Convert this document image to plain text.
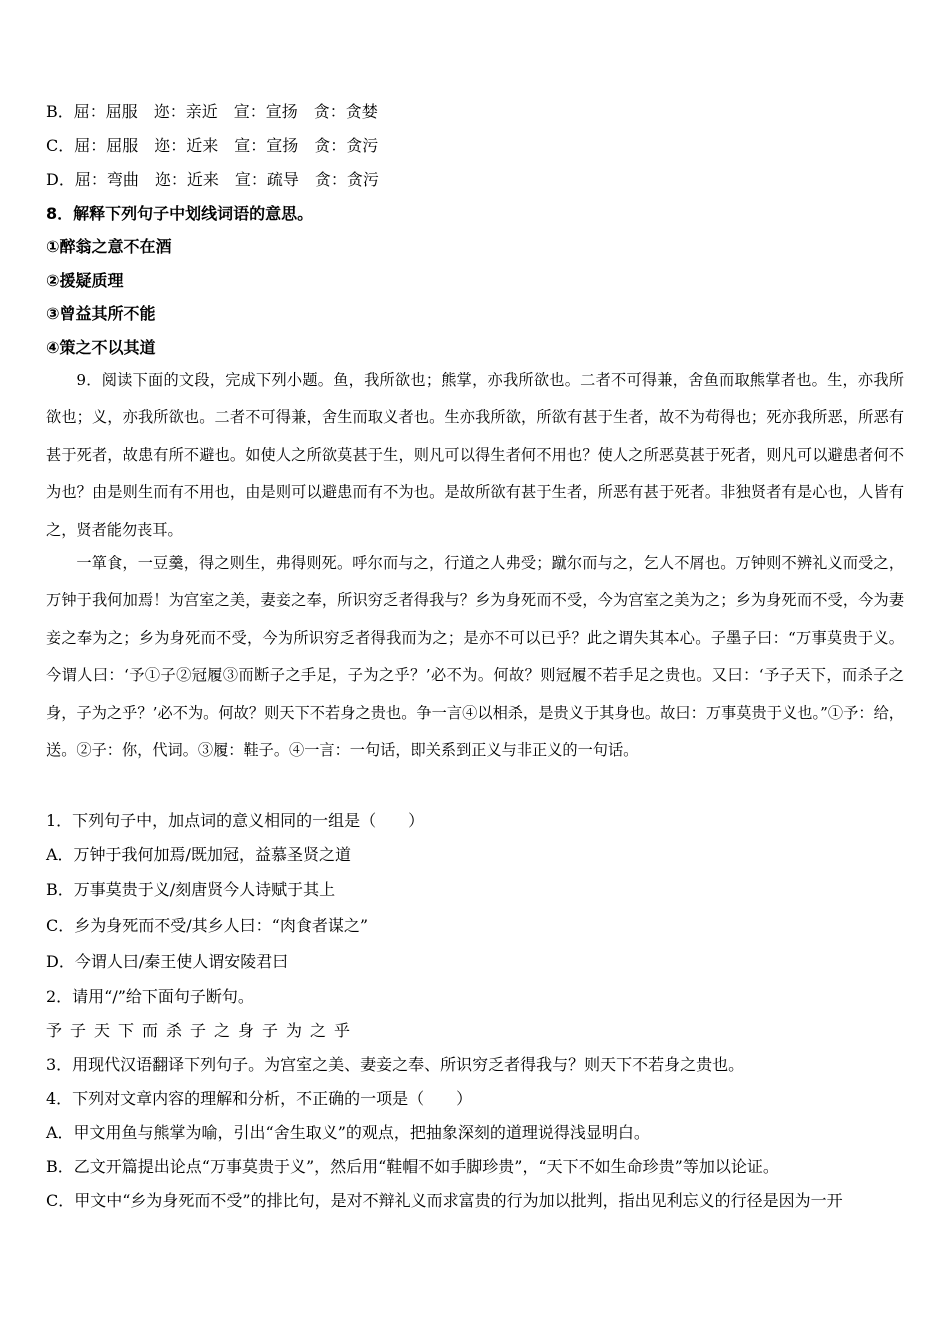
B．屈：屈服　迩：亲近　宣：宣扬　贪：贪婪
C．屈：屈服　迩：近来　宣：宣扬　贪：贪污
D．屈：弯曲　迩：近来　宣：疏导　贪：贪污
8．解释下列句子中划线词语的意思。
①醉翁之意不在酒
②援疑质理
③曾益其所不能
④策之不以其道
9．阅读下面的文段，完成下列小题。鱼，我所欲也；熊掌，亦我所欲也。二者不可得兼，舍鱼而取熊掌者也。生，亦我所欲也；义，亦我所欲也。二者不可得兼，舍生而取义者也。生亦我所欲，所欲有甚于生者，故不为苟得也；死亦我所恶，所恶有甚于死者，故患有所不避也。如使人之所欲莫甚于生，则凡可以得生者何不用也？使人之所恶莫甚于死者，则凡可以避患者何不为也？由是则生而有不用也，由是则可以避患而有不为也。是故所欲有甚于生者，所恶有甚于死者。非独贤者有是心也，人皆有之，贤者能勿丧耳。
一箪食，一豆羹，得之则生，弗得则死。呼尔而与之，行道之人弗受；蹴尔而与之，乞人不屑也。万钟则不辨礼义而受之，万钟于我何加焉！为宫室之美，妻妾之奉，所识穷乏者得我与？乡为身死而不受，今为宫室之美为之；乡为身死而不受，今为妻妾之奉为之；乡为身死而不受，今为所识穷乏者得我而为之；是亦不可以已乎？此之谓失其本心。子墨子曰：“万事莫贵于义。今谓人曰：‘予①子②冠履③而断子之手足，子为之乎？’必不为。何故？则冠履不若手足之贵也。又曰：‘予子天下，而杀子之身，子为之乎？’必不为。何故？则天下不若身之贵也。争一言④以相杀，是贵义于其身也。故曰：万事莫贵于义也。”①予：给，送。②子：你，代词。③履：鞋子。④一言：一句话，即关系到正义与非正义的一句话。
1．下列句子中，加点词的意义相同的一组是（　　）
A．万钟于我何加焉/既加冠，益慕圣贤之道
B．万事莫贵于义/刻唐贤今人诗赋于其上
C．乡为身死而不受/其乡人曰：“肉食者谋之”
D．今谓人曰/秦王使人谓安陵君曰
2．请用“/”给下面句子断句。
予子天下而杀子之身子为之乎
3．用现代汉语翻译下列句子。为宫室之美、妻妾之奉、所识穷乏者得我与？则天下不若身之贵也。
4．下列对文章内容的理解和分析，不正确的一项是（　　）
A．甲文用鱼与熊掌为喻，引出“舍生取义”的观点，把抽象深刻的道理说得浅显明白。
B．乙文开篇提出论点“万事莫贵于义”，然后用“鞋帽不如手脚珍贵”，“天下不如生命珍贵”等加以论证。
C．甲文中“乡为身死而不受”的排比句，是对不辩礼义而求富贵的行为加以批判，指出见利忘义的行径是因为一开
